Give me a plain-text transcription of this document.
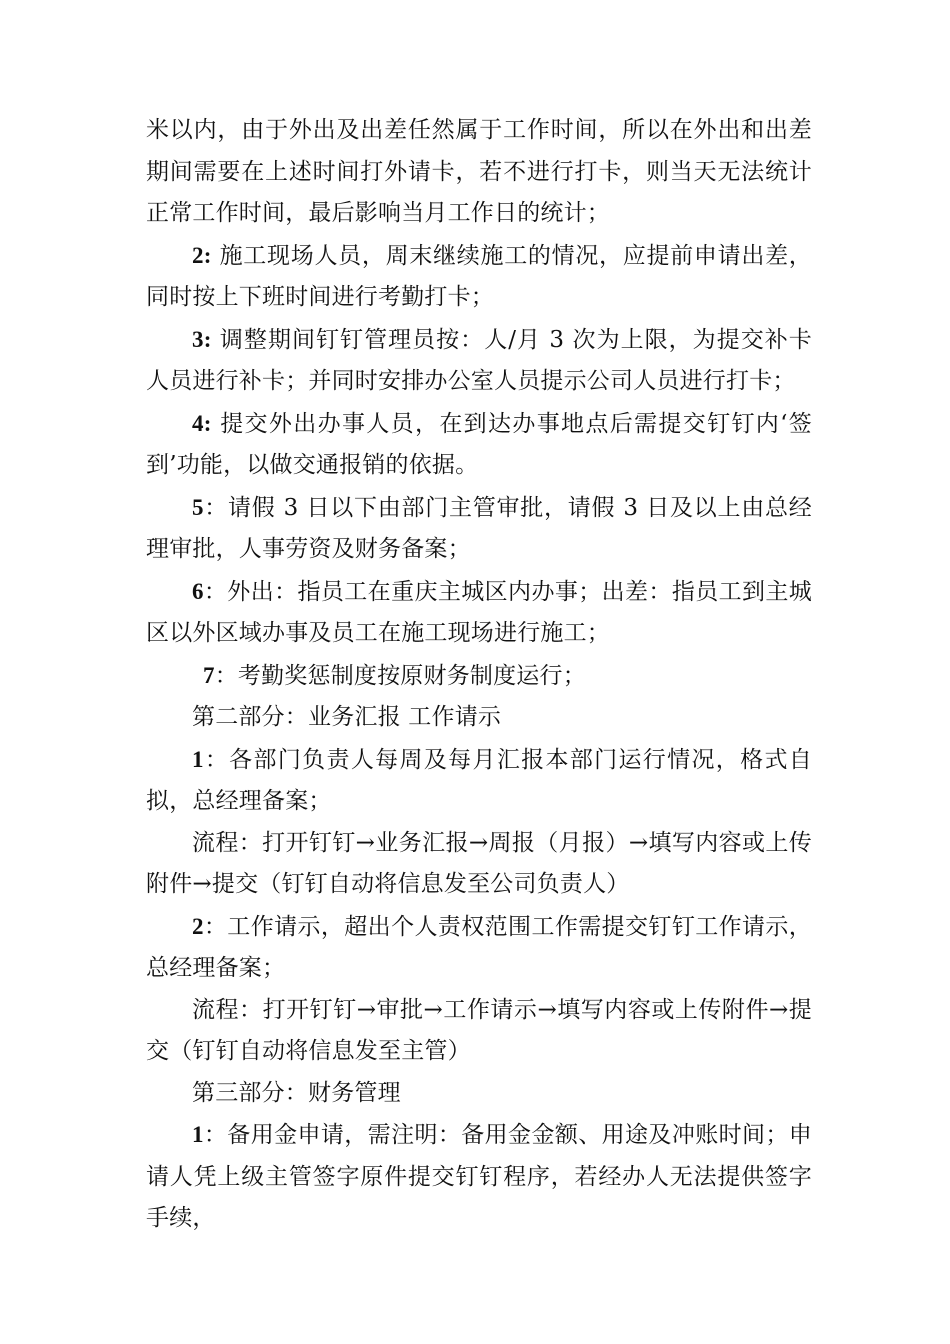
米以内，由于外出及出差任然属于工作时间，所以在外出和出差期间需要在上述时间打外请卡，若不进行打卡，则当天无法统计正常工作时间，最后影响当月工作日的统计；

2: 施工现场人员，周末继续施工的情况，应提前申请出差，同时按上下班时间进行考勤打卡；

3: 调整期间钉钉管理员按：人/月 3 次为上限，为提交补卡人员进行补卡；并同时安排办公室人员提示公司人员进行打卡；

4: 提交外出办事人员，在到达办事地点后需提交钉钉内‘签到’功能，以做交通报销的依据。

5：请假 3 日以下由部门主管审批，请假 3 日及以上由总经理审批，人事劳资及财务备案；

6：外出：指员工在重庆主城区内办事；出差：指员工到主城区以外区域办事及员工在施工现场进行施工；

7：考勤奖惩制度按原财务制度运行；

第二部分：业务汇报 工作请示

1：各部门负责人每周及每月汇报本部门运行情况，格式自拟，总经理备案；

流程：打开钉钉→业务汇报→周报（月报）→填写内容或上传附件→提交（钉钉自动将信息发至公司负责人）

2：工作请示，超出个人责权范围工作需提交钉钉工作请示，总经理备案；

流程：打开钉钉→审批→工作请示→填写内容或上传附件→提交（钉钉自动将信息发至主管）

第三部分：财务管理

1：备用金申请，需注明：备用金金额、用途及冲账时间；申请人凭上级主管签字原件提交钉钉程序，若经办人无法提供签字手续，
